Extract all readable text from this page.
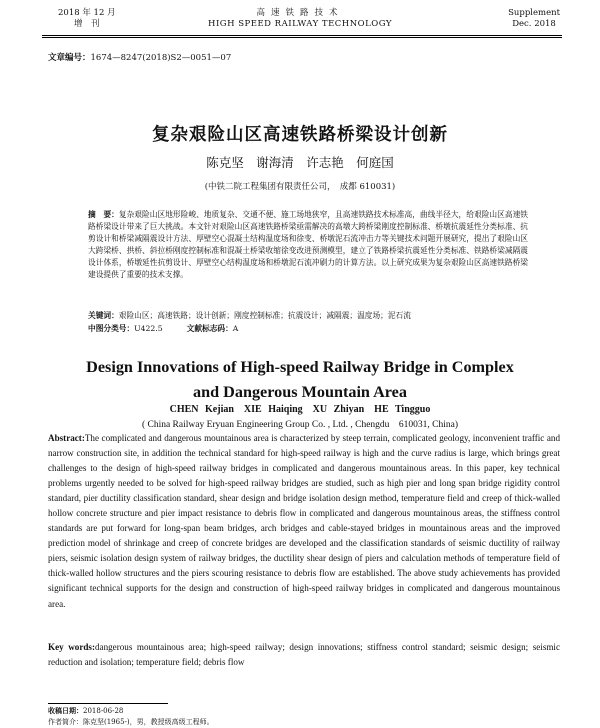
2018 年 12 月
增　刊
高速铁路技术
HIGH SPEED RAILWAY TECHNOLOGY
Supplement
Dec. 2018
文章编号：1674—8247(2018)S2—0051—07
复杂艰险山区高速铁路桥梁设计创新
陈克坚　谢海清　许志艳　何庭国
(中铁二院工程集团有限责任公司，　成都 610031)
摘　要：复杂艰险山区地形险峻、地质复杂、交通不便、施工场地狭窄，且高速铁路技术标准高，曲线半径大，给艰险山区高速铁路桥梁设计带来了巨大挑战。本文针对艰险山区高速铁路桥梁亟需解决的高墩大跨桥梁刚度控制标准、桥墩抗震延性分类标准、抗剪设计和桥梁减隔震设计方法、厚壁空心混凝土结构温度场和徐变、桥墩泥石流冲击力等关键技术问题开展研究，提出了艰险山区大跨梁桥、拱桥、斜拉桥刚度控制标准和混凝土桥梁收缩徐变改进预测模型，建立了铁路桥梁抗震延性分类标准、铁路桥梁减隔震设计体系，桥墩延性抗剪设计、厚壁空心结构温度场和桥墩泥石流冲刷力的计算方法。以上研究成果为复杂艰险山区高速铁路桥梁建设提供了重要的技术支撑。
关键词：艰险山区；高速铁路；设计创新；刚度控制标准；抗震设计；减隔震；温度场；泥石流
中图分类号：U422.5	文献标志码：A
Design Innovations of High-speed Railway Bridge in Complex
and Dangerous Mountain Area
CHEN Kejian　XIE Haiqing　XU Zhiyan　HE Tingguo
( China Railway Eryuan Engineering Group Co. , Ltd. , Chengdu　610031, China)
Abstract:The complicated and dangerous mountainous area is characterized by steep terrain, complicated geology, inconvenient traffic and narrow construction site, in addition the technical standard for high-speed railway is high and the curve radius is large, which brings great challenges to the design of high-speed railway bridges in complicated and dangerous mountainous areas. In this paper, key technical problems urgently needed to be solved for high-speed railway bridges are studied, such as high pier and long span bridge rigidity control standard, pier ductility classification standard, shear design and bridge isolation design method, temperature field and creep of thick-walled hollow concrete structure and pier impact resistance to debris flow in complicated and dangerous mountainous areas, the stiffness control standards are put forward for long-span beam bridges, arch bridges and cable-stayed bridges in mountainous areas and the improved prediction model of shrinkage and creep of concrete bridges are developed and the classification standards of seismic ductility of railway piers, seismic isolation design system of railway bridges, the ductility shear design of piers and calculation methods of temperature field of thick-walled hollow structures and the piers scouring resistance to debris flow are established. The above study achievements has provided significant technical supports for the design and construction of high-speed railway bridges in complicated and dangerous mountainous area.
Key words:dangerous mountainous area; high-speed railway; design innovations; stiffness control standard; seismic design; seismic reduction and isolation; temperature field; debris flow
收稿日期：2018-06-28
作者简介：陈克坚(1965-)，男，教授级高级工程师。
